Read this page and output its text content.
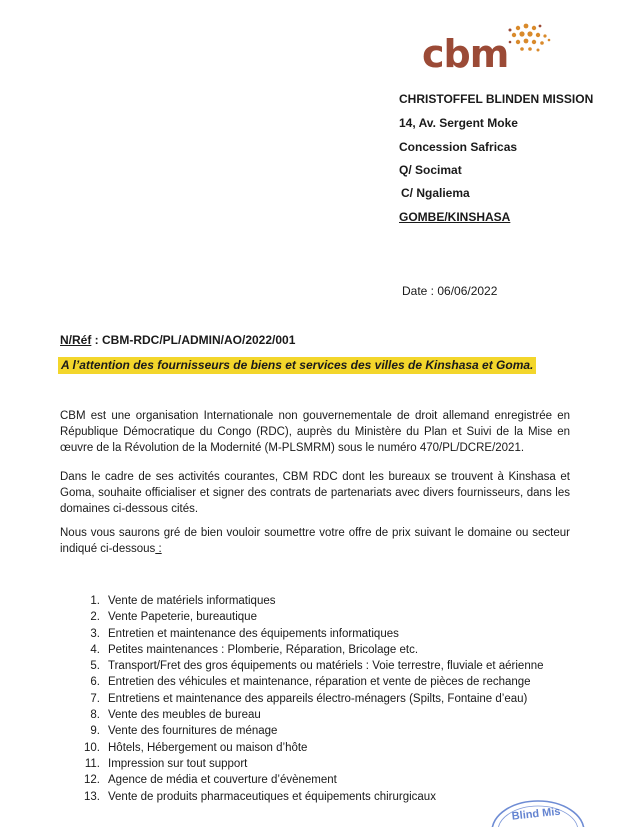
cbm
CHRISTOFFEL BLINDEN MISSION
14, Av. Sergent Moke
Concession Safricas
Q/ Socimat
C/ Ngaliema
GOMBE/KINSHASA
Date : 06/06/2022
N/Réf : CBM-RDC/PL/ADMIN/AO/2022/001
A l’attention des fournisseurs de biens et services des villes de Kinshasa et Goma.

CBM est une organisation Internationale non gouvernementale de droit allemand enregistrée en République Démocratique du Congo (RDC), auprès du Ministère du Plan et Suivi de la Mise en œuvre de la Révolution de la Modernité (M-PLSMRM) sous le numéro 470/PL/DCRE/2021.

Dans le cadre de ses activités courantes, CBM RDC dont les bureaux se trouvent à Kinshasa et Goma, souhaite officialiser et signer des contrats de partenariats avec divers fournisseurs, dans les domaines ci-dessous cités.

Nous vous saurons gré de bien vouloir soumettre votre offre de prix suivant le domaine ou secteur indiqué ci-dessous :

1. Vente de matériels informatiques
2. Vente Papeterie, bureautique
3. Entretien et maintenance des équipements informatiques
4. Petites maintenances : Plomberie, Réparation, Bricolage etc.
5. Transport/Fret des gros équipements ou matériels : Voie terrestre, fluviale et aérienne
6. Entretien des véhicules et maintenance, réparation et vente de pièces de rechange
7. Entretiens et maintenance des appareils électro-ménagers (Spilts, Fontaine d’eau)
8. Vente des meubles de bureau
9. Vente des fournitures de ménage
10. Hôtels, Hébergement ou maison d’hôte
11. Impression sur tout support
12. Agence de média et couverture d’évènement
13. Vente de produits pharmaceutiques et équipements chirurgicaux
Blind Mis
